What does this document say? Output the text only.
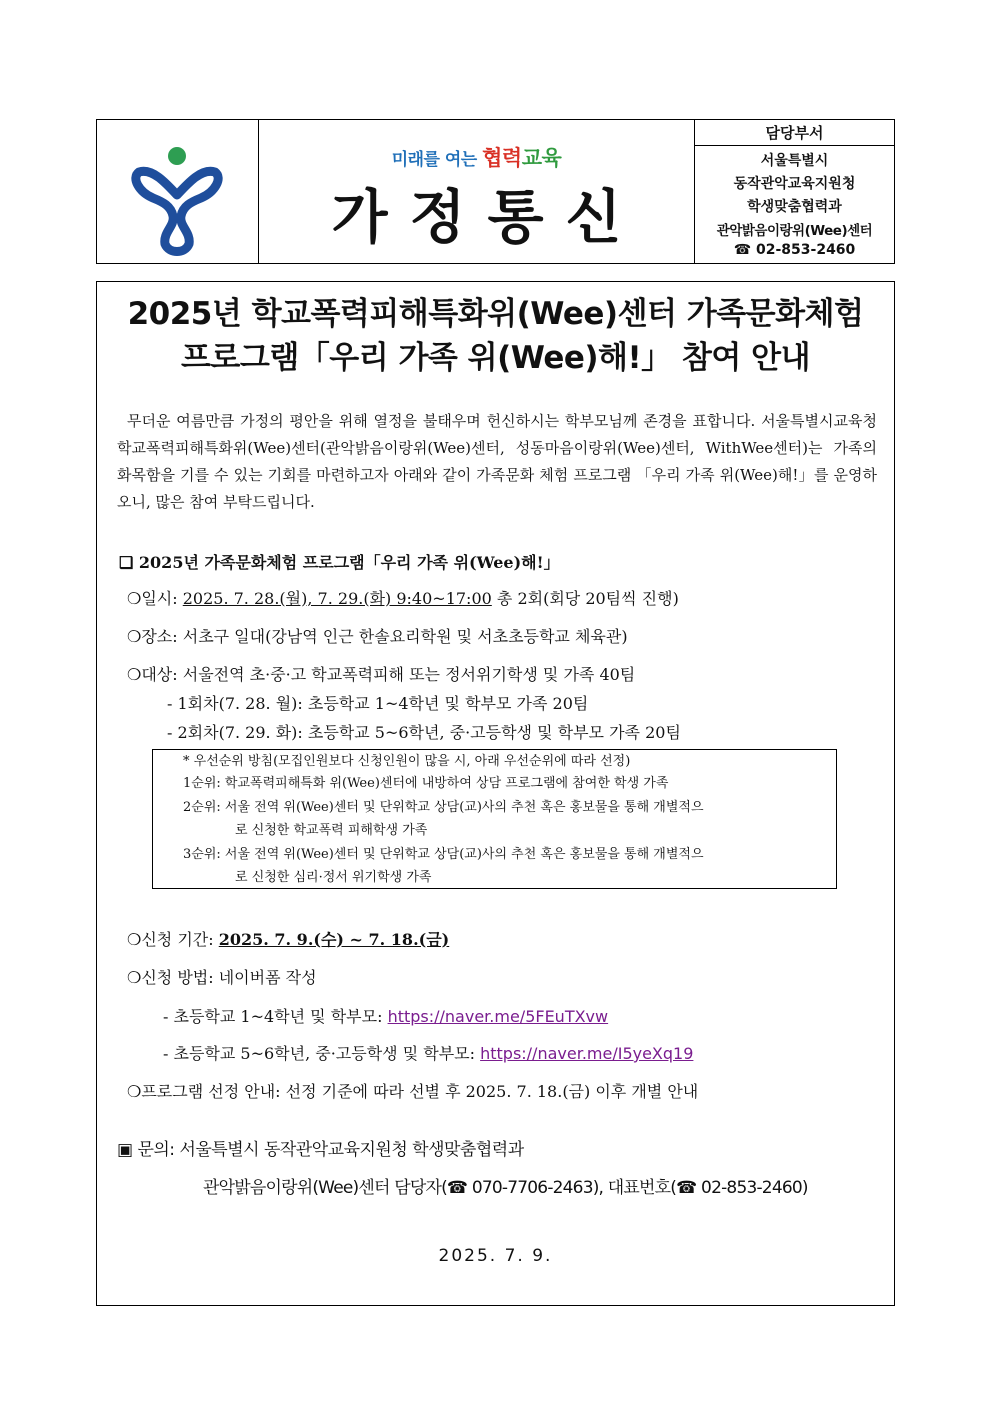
미래를 여는 협력교육
가정통신
담당부서
서울특별시
동작관악교육지원청
학생맞춤협력과
관악밝음이랑위(Wee)센터
☎ 02-853-2460
2025년 학교폭력피해특화위(Wee)센터 가족문화체험
프로그램「우리 가족 위(Wee)해!」 참여 안내
무더운 여름만큼 가정의 평안을 위해 열정을 불태우며 헌신하시는 학부모님께 존경을 표합니다. 서울특별시교육청 학교폭력피해특화위(Wee)센터(관악밝음이랑위(Wee)센터, 성동마음이랑위(Wee)센터, WithWee센터)는 가족의 화목함을 기를 수 있는 기회를 마련하고자 아래와 같이 가족문화 체험 프로그램 「우리 가족 위(Wee)해!」를 운영하오니, 많은 참여 부탁드립니다.
❑ 2025년 가족문화체험 프로그램「우리 가족 위(Wee)해!」
❍일시: 2025. 7. 28.(월), 7. 29.(화) 9:40~17:00 총 2회(회당 20팀씩 진행)
❍장소: 서초구 일대(강남역 인근 한솔요리학원 및 서초초등학교 체육관)
❍대상: 서울전역 초·중·고 학교폭력피해 또는 정서위기학생 및 가족 40팀
- 1회차(7. 28. 월): 초등학교 1~4학년 및 학부모 가족 20팀
- 2회차(7. 29. 화): 초등학교 5~6학년, 중·고등학생 및 학부모 가족 20팀
* 우선순위 방침(모집인원보다 신청인원이 많을 시, 아래 우선순위에 따라 선정)
1순위: 학교폭력피해특화 위(Wee)센터에 내방하여 상담 프로그램에 참여한 학생 가족
2순위: 서울 전역 위(Wee)센터 및 단위학교 상담(교)사의 추천 혹은 홍보물을 통해 개별적으
로 신청한 학교폭력 피해학생 가족
3순위: 서울 전역 위(Wee)센터 및 단위학교 상담(교)사의 추천 혹은 홍보물을 통해 개별적으
로 신청한 심리·정서 위기학생 가족
❍신청 기간: 2025. 7. 9.(수) ~ 7. 18.(금)
❍신청 방법: 네이버폼 작성
- 초등학교 1~4학년 및 학부모: https://naver.me/5FEuTXvw
- 초등학교 5~6학년, 중·고등학생 및 학부모: https://naver.me/I5yeXq19
❍프로그램 선정 안내: 선정 기준에 따라 선별 후 2025. 7. 18.(금) 이후 개별 안내
▣ 문의: 서울특별시 동작관악교육지원청 학생맞춤협력과
관악밝음이랑위(Wee)센터 담당자(☎ 070-7706-2463), 대표번호(☎ 02-853-2460)
2025. 7. 9.
